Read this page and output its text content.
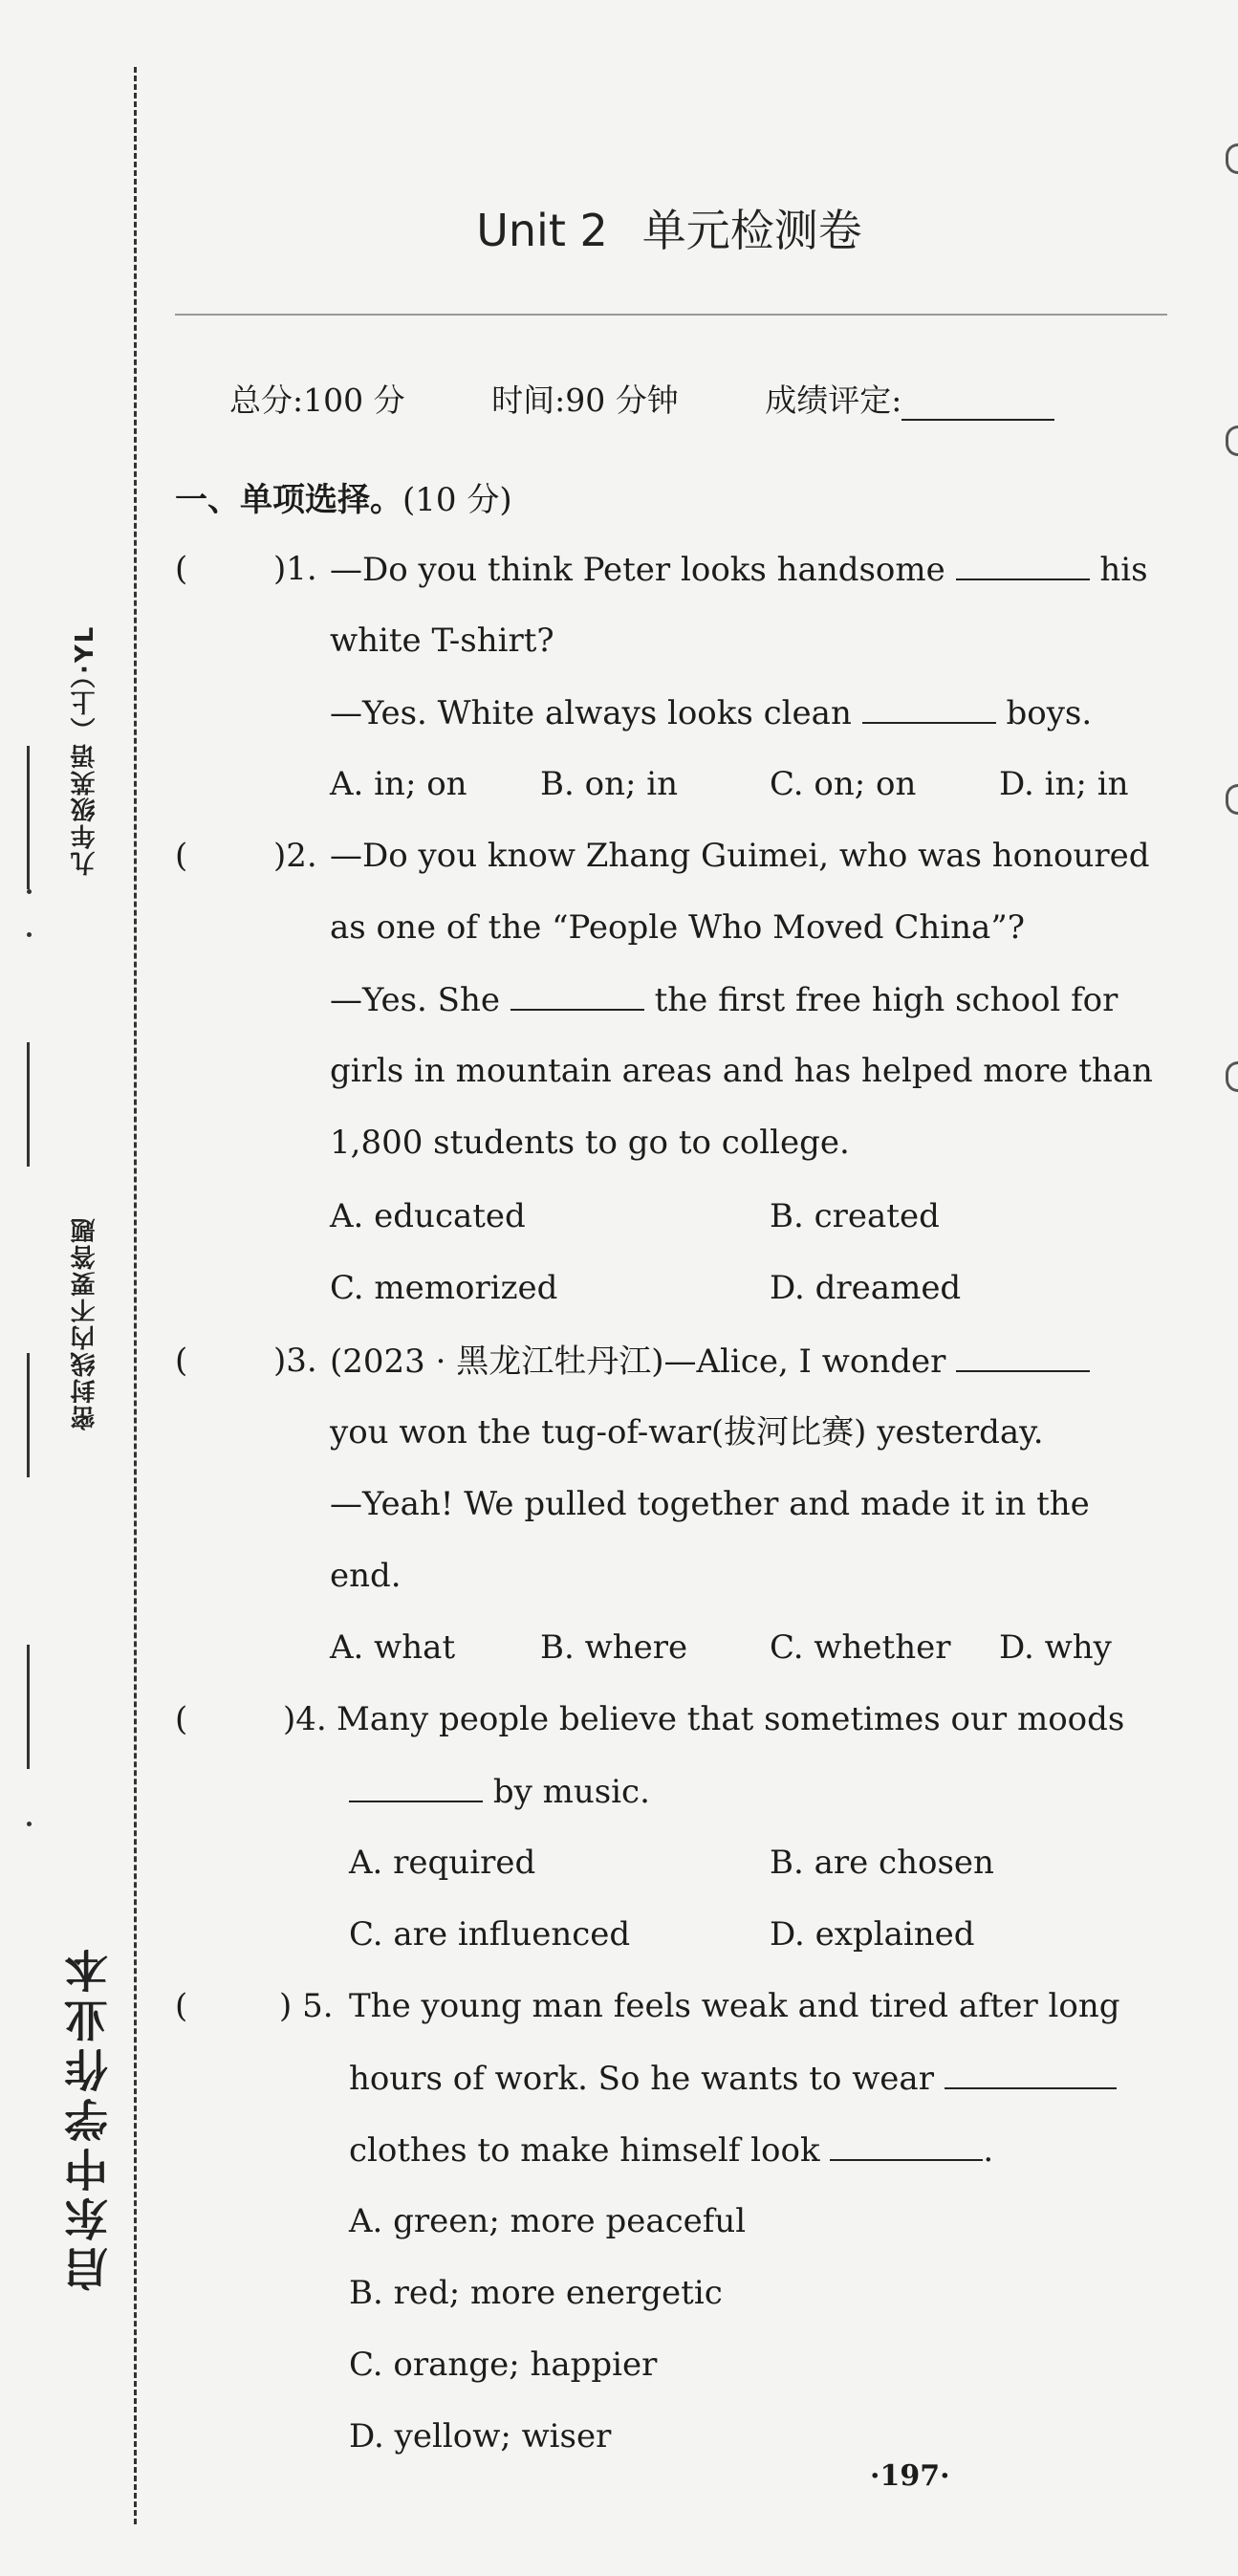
启东中学作业本
密封线内不要答题
九年级英语（上）·YL
Unit 2 单元检测卷
总分:100 分	时间:90 分钟	成绩评定:
一、单项选择。(10 分)
(	)1. —Do you think Peter looks handsome	his
white T-shirt?
—Yes. White always looks clean	boys.
A. in; on B. on; in	C. on; on	D. in; in
(	)2. —Do you know Zhang Guimei, who was honoured
as one of the “People Who Moved China”?
—Yes. She	the first free high school for
girls in mountain areas and has helped more than
1,800 students to go to college.
A. educated	B. created
C. memorized	D. dreamed
(	)3. (2023 · 黑龙江牡丹江)—Alice, I wonder
you won the tug-of-war(拔河比赛) yesterday.
—Yeah! We pulled together and made it in the
end.
A. what	B. where	C. whether D. why
(	)4. Many people believe that sometimes our moods
by music.
A. required	B. are chosen
C. are influenced	D. explained
(	) 5. The young man feels weak and tired after long
hours of work. So he wants to wear
clothes to make himself look	.
A. green; more peaceful
B. red; more energetic
C. orange; happier
D. yellow; wiser
·197·
